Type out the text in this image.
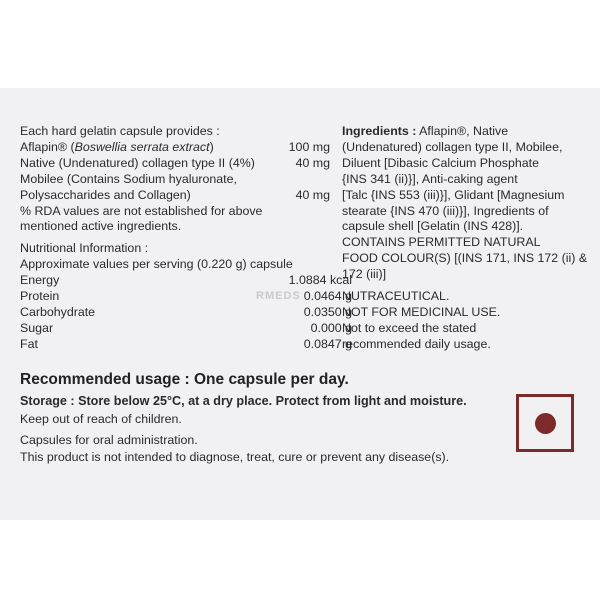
RMEDS
Each hard gelatin capsule provides :
Aflapin® (Boswellia serrata extract)	100 mg
Native (Undenatured) collagen type II (4%)	40 mg
Mobilee (Contains Sodium hyaluronate,
Polysaccharides and Collagen)	40 mg
% RDA values are not established for above
mentioned active ingredients.
Nutritional Information :
Approximate values per serving (0.220 g) capsule
Energy	1.0884 kcal
Protein	0.0464 g
Carbohydrate	0.0350 g
Sugar	0.000 g
Fat	0.0847 g
Ingredients : Aflapin®, Native
(Undenatured) collagen type II, Mobilee,
Diluent [Dibasic Calcium Phosphate
{INS 341 (ii)}], Anti-caking agent
[Talc {INS 553 (iii)}], Glidant [Magnesium
stearate {INS 470 (iii)}], Ingredients of
capsule shell [Gelatin (INS 428)].
CONTAINS PERMITTED NATURAL
FOOD COLOUR(S) [(INS 171, INS 172 (ii) &
172 (iii)]
NUTRACEUTICAL.
NOT FOR MEDICINAL USE.
Not to exceed the stated
recommended daily usage.
Recommended usage : One capsule per day.
Storage : Store below 25°C, at a dry place. Protect from light and moisture.
Keep out of reach of children.
Capsules for oral administration.
This product is not intended to diagnose, treat, cure or prevent any disease(s).
